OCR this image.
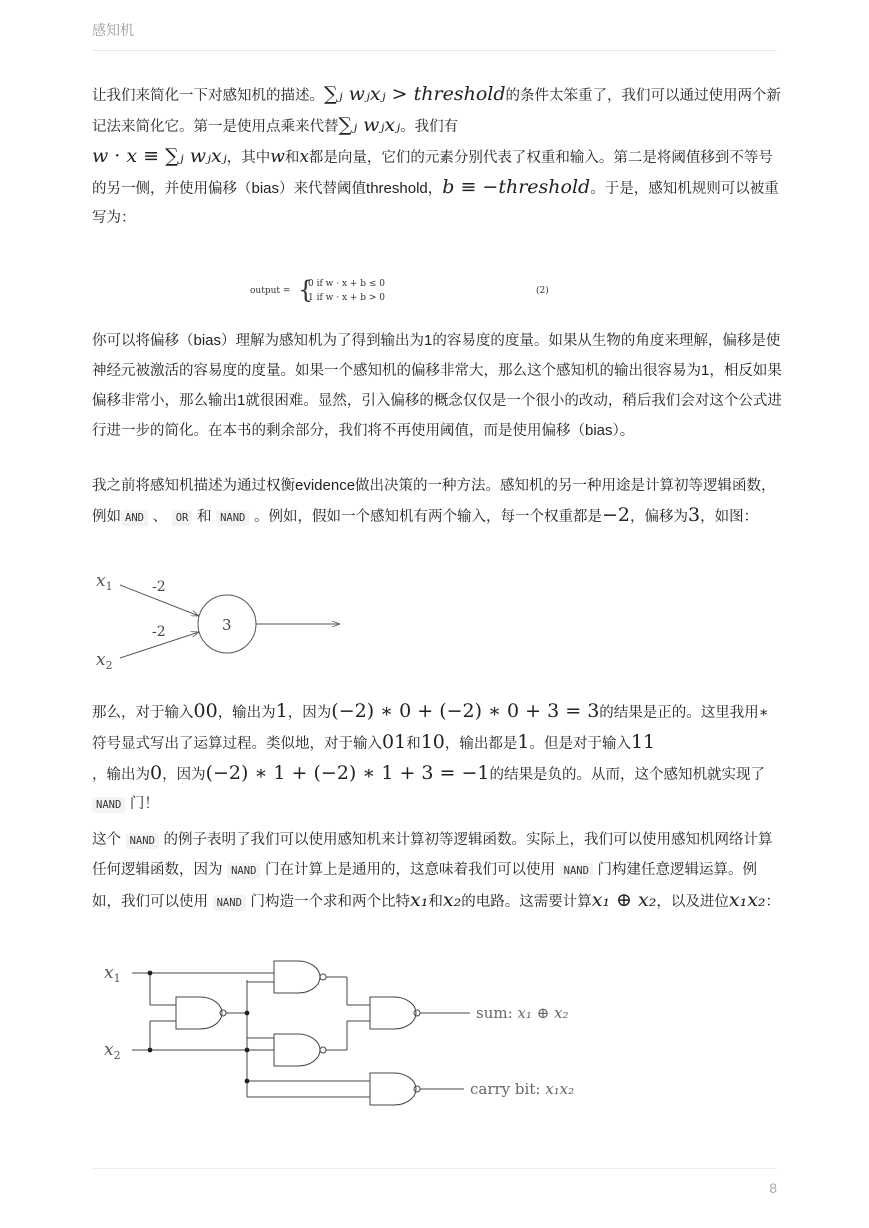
感知机
让我们来简化一下对感知机的描述。∑ⱼ wⱼxⱼ > threshold的条件太笨重了，我们可以通过使用两个新记法来简化它。第一是使用点乘来代替∑ⱼ wⱼxⱼ。我们有
w · x ≡ ∑ⱼ wⱼxⱼ，其中w和x都是向量，它们的元素分别代表了权重和输入。第二是将阈值移到不等号的另一侧，并使用偏移（bias）来代替阈值threshold，b ≡ −threshold。于是，感知机规则可以被重写为：
output = {
0 if w · x + b ≤ 0
1 if w · x + b > 0
(2)
你可以将偏移（bias）理解为感知机为了得到输出为1的容易度的度量。如果从生物的角度来理解，偏移是使神经元被激活的容易度的度量。如果一个感知机的偏移非常大，那么这个感知机的输出很容易为1，相反如果偏移非常小，那么输出1就很困难。显然，引入偏移的概念仅仅是一个很小的改动，稍后我们会对这个公式进行进一步的简化。在本书的剩余部分，我们将不再使用阈值，而是使用偏移（bias）。
我之前将感知机描述为通过权衡evidence做出决策的一种方法。感知机的另一种用途是计算初等逻辑函数，例如 AND 、 OR 和 NAND 。例如，假如一个感知机有两个输入，每一个权重都是−2，偏移为3，如图：
$x_1$
$x_2$
-2
-2	3
那么，对于输入00，输出为1，因为(−2) ∗ 0 + (−2) ∗ 0 + 3 = 3的结果是正的。这里我用∗符号显式写出了运算过程。类似地，对于输入01和10，输出都是1。但是对于输入11
，输出为0，因为(−2) ∗ 1 + (−2) ∗ 1 + 3 = −1的结果是负的。从而，这个感知机就实现了NAND 门！
这个 NAND 的例子表明了我们可以使用感知机来计算初等逻辑函数。实际上，我们可以使用感知机网络计算任何逻辑函数，因为 NAND 门在计算上是通用的，这意味着我们可以使用 NAND 门构建任意逻辑运算。例如，我们可以使用 NAND 门构造一个求和两个比特x₁和x₂的电路。这需要计算x₁ ⊕ x₂，以及进位x₁x₂：
$x_1$
$x_2$
sum: x₁ ⊕ x₂
carry bit: x₁x₂
8
